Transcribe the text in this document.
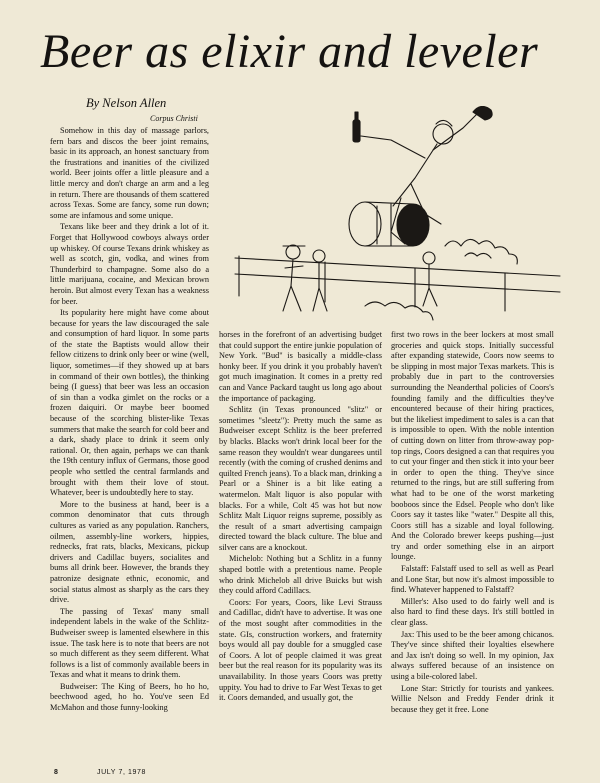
Beer as elixir and leveler
By Nelson Allen
Corpus Christi

Somehow in this day of massage parlors, fern bars and discos the beer joint remains, basic in its approach, an honest sanctuary from the frustrations and inanities of the civilized world. Beer joints offer a little pleasure and a little mercy and don't charge an arm and a leg in return. There are thousands of them scattered across Texas. Some are fancy, some run down; some are infamous and some unique.

Texans like beer and they drink a lot of it. Forget that Hollywood cowboys always order up whiskey. Of course Texans drink whiskey as well as scotch, gin, vodka, and wines from Thunderbird to champagne. Some also do a little marijuana, cocaine, and Mexican brown heroin. But almost every Texan has a weakness for beer.

Its popularity here might have come about because for years the law discouraged the sale and consumption of hard liquor. In some parts of the state the Baptists would allow their fellow citizens to drink only beer or wine (well, liquor, sometimes—if they showed up at bars in command of their own bottles), the thinking being (I guess) that beer was less an occasion of sin than a vodka gimlet on the rocks or a frozen daiquiri. Or maybe beer boomed because of the scorching blister-like Texas summers that make the search for cold beer and a dark, shady place to drink it seem only rational. Or, then again, perhaps we can thank the 19th century influx of Germans, those good people who settled the central farmlands and brought with them their love of stout. Whatever, beer is undoubtedly here to stay.

More to the business at hand, beer is a common denominator that cuts through cultures as varied as any population. Ranchers, oilmen, assembly-line workers, hippies, rednecks, frat rats, blacks, Mexicans, pickup drivers and Cadillac buyers, socialites and bums all drink beer. However, the brands they patronize designate ethnic, economic, and social status almost as sharply as the cars they drive.

The passing of Texas' many small independent labels in the wake of the Schlitz-Budweiser sweep is lamented elsewhere in this issue. The task here is to note that beers are not so much different as they seem different. What follows is a list of commonly available beers in Texas and what it means to drink them.

Budweiser: The King of Beers, ho ho ho, beechwood aged, ho ho. You've seen Ed McMahon and those funny-looking

horses in the forefront of an advertising budget that could support the entire junkie population of New York. "Bud" is basically a middle-class honky beer. If you drink it you probably haven't got much imagination. It comes in a pretty red can and Vance Packard taught us long ago about the importance of packaging.

Schlitz (in Texas pronounced "slitz" or sometimes "sleetz"): Pretty much the same as Budweiser except Schlitz is the beer preferred by blacks. Blacks won't drink local beer for the same reason they wouldn't wear dungarees until recently (with the coming of crushed denims and quilted French jeans). To a black man, drinking a Pearl or a Shiner is a bit like eating a watermelon. Malt liquor is also popular with blacks. For a while, Colt 45 was hot but now Schlitz Malt Liquor reigns supreme, possibly as the result of a smart advertising campaign directed toward the black culture. The blue and silver cans are a knockout.

Michelob: Nothing but a Schlitz in a funny shaped bottle with a pretentious name. People who drink Michelob all drive Buicks but wish they could afford Cadillacs.

Coors: For years, Coors, like Levi Strauss and Cadillac, didn't have to advertise. It was one of the most sought after commodities in the state. GIs, construction workers, and fraternity boys would all pay double for a smuggled case of Coors. A lot of people claimed it was great beer but the real reason for its popularity was its unavailability. In those years Coors was pretty uppity. You had to drive to Far West Texas to get it. Coors demanded, and usually got, the

first two rows in the beer lockers at most small groceries and quick stops. Initially successful after expanding statewide, Coors now seems to be slipping in most major Texas markets. This is probably due in part to the controversies surrounding the Neanderthal policies of Coors's founding family and the difficulties they've encountered because of their hiring practices, but the likeliest impediment to sales is a can that is impossible to open. With the noble intention of cutting down on litter from throw-away pop-top rings, Coors designed a can that requires you to cut your finger and then stick it into your beer in order to open the thing. They've since returned to the rings, but are still suffering from what had to be one of the worst marketing booboos since the Edsel. People who don't like Coors say it tastes like "water." Despite all this, Coors still has a sizable and loyal following. And the Colorado brewer keeps pushing—just try and order something else in an airport lounge.

Falstaff: Falstaff used to sell as well as Pearl and Lone Star, but now it's almost impossible to find. Whatever happened to Falstaff?

Miller's: Also used to do fairly well and is also hard to find these days. It's still bottled in clear glass.

Jax: This used to be the beer among chicanos. They've since shifted their loyalties elsewhere and Jax isn't doing so well. In my opinion, Jax always suffered because of an insistence on using a bile-colored label.

Lone Star: Strictly for tourists and yankees. Willie Nelson and Freddy Fender drink it because they get it free. Lone

8	JULY 7, 1978
